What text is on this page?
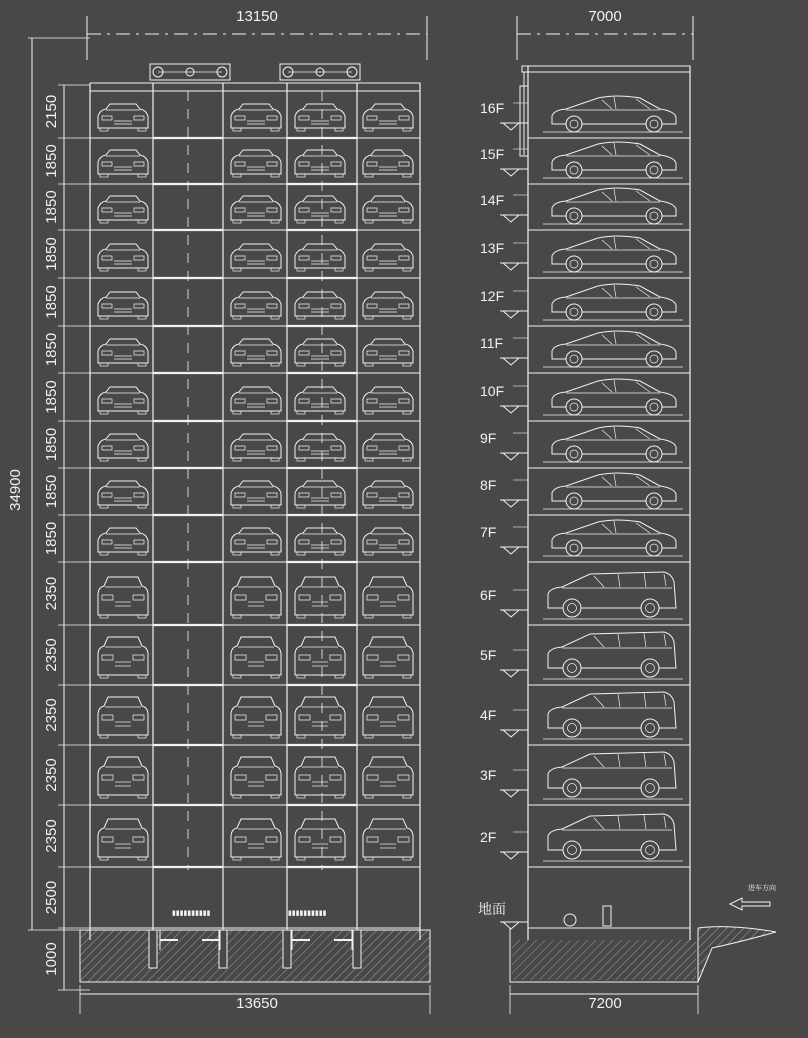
2150
1850
1850
1850
1850
1850
1850
1850
1850
1850
2350
2350
2350
2350
2350
2500
1000
16F
15F
14F
13F
12F
11F
10F
9F
8F
7F
6F
5F
4F
3F
2F
13150
13650
34900
7000
7200
地面
进车方向
▮▮▮▮▮▮▮▮▮▮	▮▮▮▮▮▮▮▮▮▮
